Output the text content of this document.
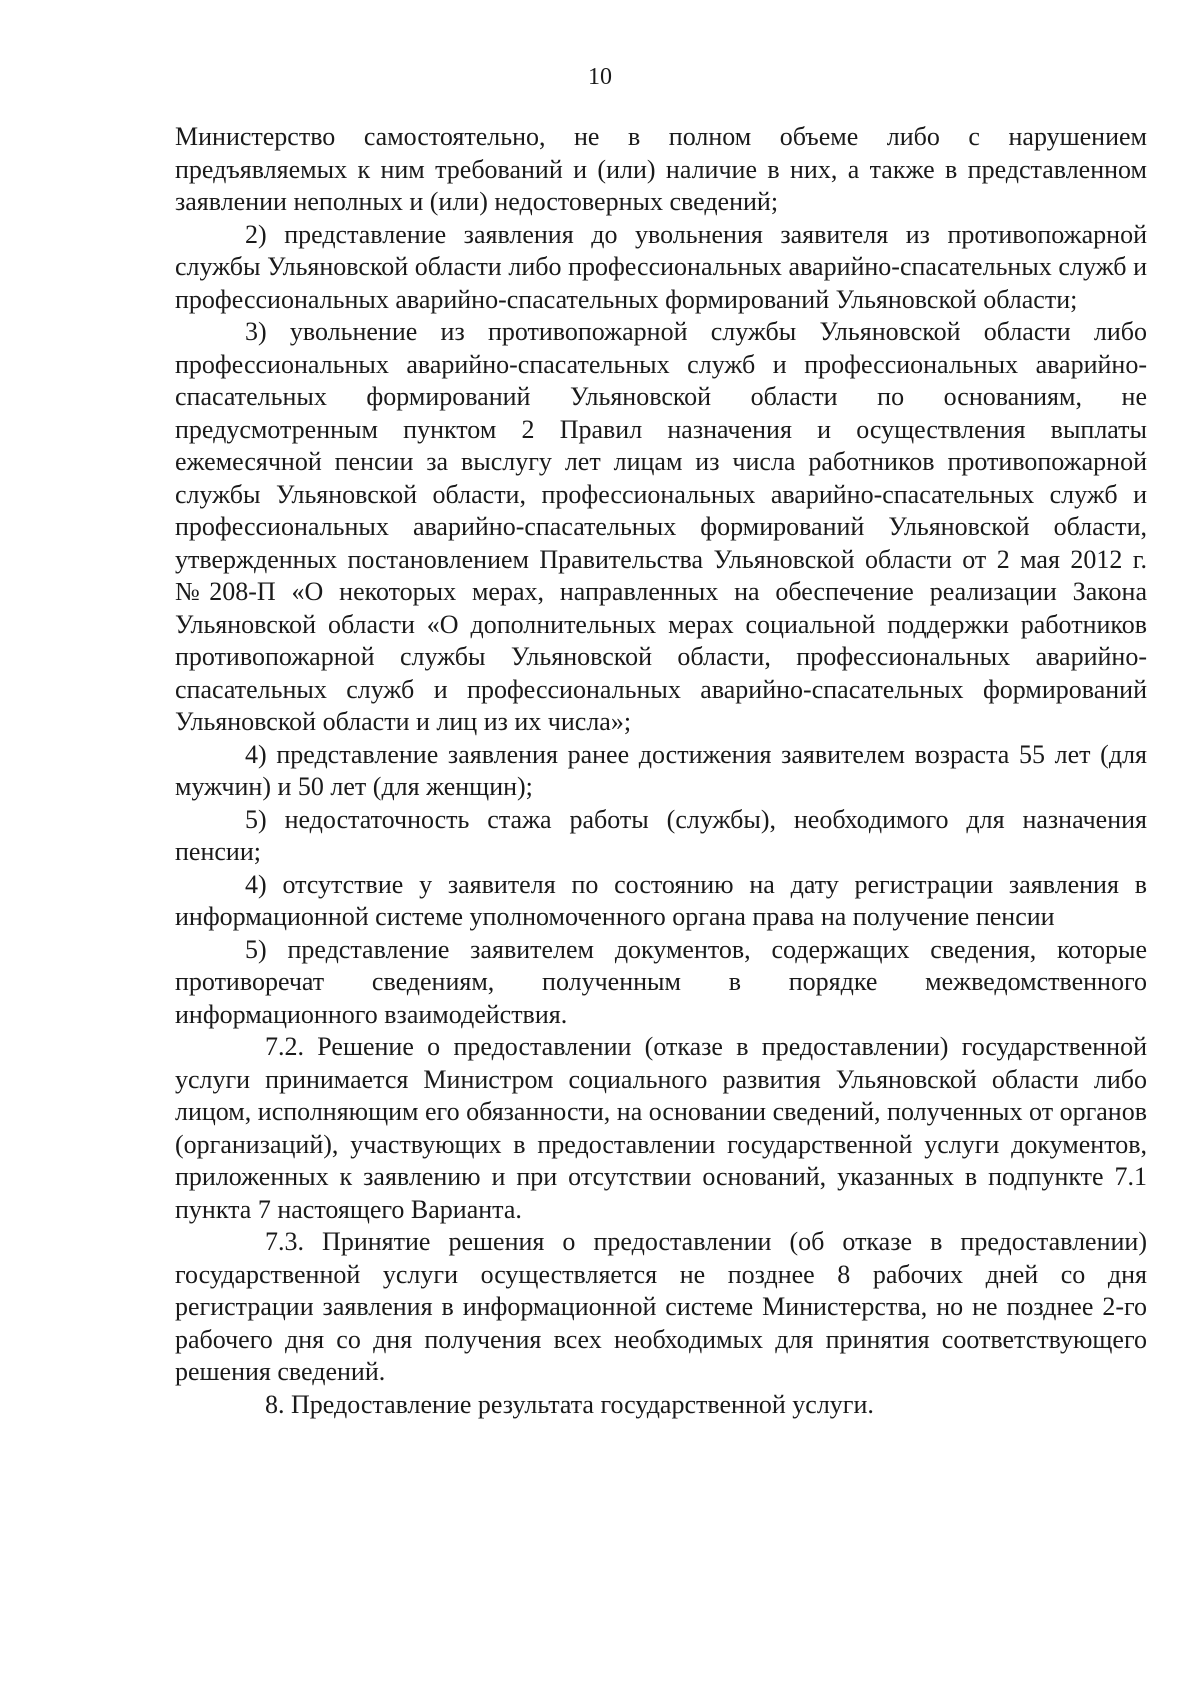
10

Министерство самостоятельно, не в полном объеме либо с нарушением предъявляемых к ним требований и (или) наличие в них, а также в представленном заявлении неполных и (или) недостоверных сведений;

2) представление заявления до увольнения заявителя из противопожарной службы Ульяновской области либо профессиональных аварийно-спасательных служб и профессиональных аварийно-спасательных формирований Ульяновской области;

3) увольнение из противопожарной службы Ульяновской области либо профессиональных аварийно-спасательных служб и профессиональных аварийно-спасательных формирований Ульяновской области по основаниям, не предусмотренным пунктом 2 Правил назначения и осуществления выплаты ежемесячной пенсии за выслугу лет лицам из числа работников противопожарной службы Ульяновской области, профессиональных аварийно-спасательных служб и профессиональных аварийно-спасательных формирований Ульяновской области, утвержденных постановлением Правительства Ульяновской области от 2 мая 2012 г. №208-П «О некоторых мерах, направленных на обеспечение реализации Закона Ульяновской области «О дополнительных мерах социальной поддержки работников противопожарной службы Ульяновской области, профессиональных аварийно-спасательных служб и профессиональных аварийно-спасательных формирований Ульяновской области и лиц из их числа»;

4) представление заявления ранее достижения заявителем возраста 55 лет (для мужчин) и 50 лет (для женщин);

5) недостаточность стажа работы (службы), необходимого для назначения пенсии;

4) отсутствие у заявителя по состоянию на дату регистрации заявления в информационной системе уполномоченного органа права на получение пенсии

5) представление заявителем документов, содержащих сведения, которые противоречат сведениям, полученным в порядке межведомственного информационного взаимодействия.

7.2. Решение о предоставлении (отказе в предоставлении) государственной услуги принимается Министром социального развития Ульяновской области либо лицом, исполняющим его обязанности, на основании сведений, полученных от органов (организаций), участвующих в предоставлении государственной услуги документов, приложенных к заявлению и при отсутствии оснований, указанных в подпункте 7.1 пункта 7 настоящего Варианта.

7.3. Принятие решения о предоставлении (об отказе в предоставлении) государственной услуги осуществляется не позднее 8 рабочих дней со дня регистрации заявления в информационной системе Министерства, но не позднее 2-го рабочего дня со дня получения всех необходимых для принятия соответствующего решения сведений.

8. Предоставление результата государственной услуги.
